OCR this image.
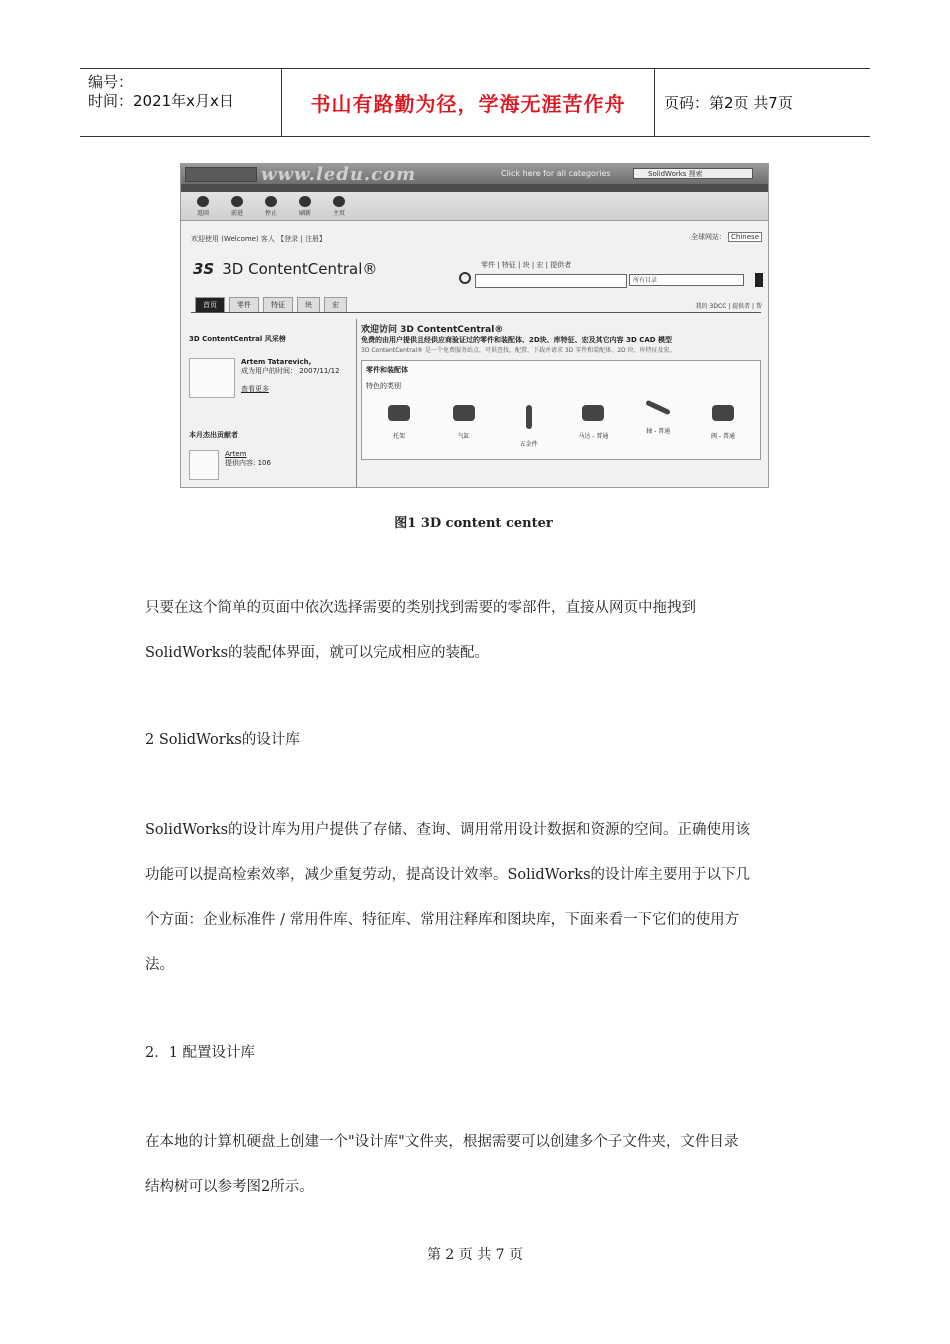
编号：
时间：2021年x月x日	书山有路勤为径，学海无涯苦作舟	页码：第2页 共7页
www.ledu.com	Click here for all categories	SolidWorks 搜索
返回	前进	停止	刷新	主页
欢迎使用 (Welcome) 客人 【登录 | 注册】	全球网站： Chinese
3S 3D ContentCentral®	零件 | 特征 | 块 | 宏 | 提供者
所有目录
首页	零件	特征	块	宏	我的 3DCC | 提供者 | 帮
3D ContentCentral 风采榜
Artem Tatarevich,
成为用户的时间： 2007/11/12
查看更多
本月杰出贡献者
Artem
提供内容: 106
欢迎访问 3D ContentCentral®
免费的由用户提供且经供应商验证过的零件和装配体、2D块、库特征、宏及其它内容 3D CAD 模型
3D ContentCentral® 是一个免费服务站点，可供查找、配置、下载并请求 3D 零件和装配体、2D 块、库特征及宏。
零件和装配体
特色的类别
托架	气缸
五金件
马达 - 普通
轴 - 普通
阀 - 普通
图1 3D content center
只要在这个简单的页面中依次选择需要的类别找到需要的零部件，直接从网页中拖拽到
SolidWorks的装配体界面，就可以完成相应的装配。
2 SolidWorks的设计库
SolidWorks的设计库为用户提供了存储、查询、调用常用设计数据和资源的空间。正确使用该
功能可以提高检索效率，减少重复劳动，提高设计效率。SolidWorks的设计库主要用于以下几
个方面：企业标准件 / 常用件库、特征库、常用注释库和图块库，下面来看一下它们的使用方
法。
2．1 配置设计库
在本地的计算机硬盘上创建一个"设计库"文件夹，根据需要可以创建多个子文件夹，文件目录
结构树可以参考图2所示。
第 2 页 共 7 页
